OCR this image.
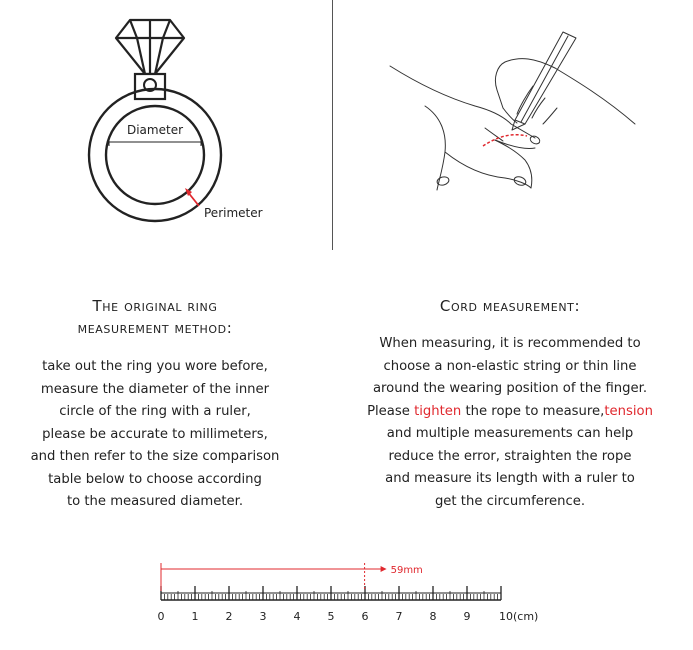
Diameter
Perimeter
The original ring
measurement method:
take out the ring you wore before,
measure the diameter of the inner
circle of the ring with a ruler,
please be accurate to millimeters,
and then refer to the size comparison
table below to choose according
to the measured diameter.
Cord measurement:
When measuring, it is recommended to
choose a non-elastic string or thin line
around the wearing position of the finger.
Please tighten the rope to measure,tension
and multiple measurements can help
reduce the error, straighten the rope
and measure its length with a ruler to
get the circumference.
0 1 2 3 4 5 6 7 8 9	10(cm)
59mm
